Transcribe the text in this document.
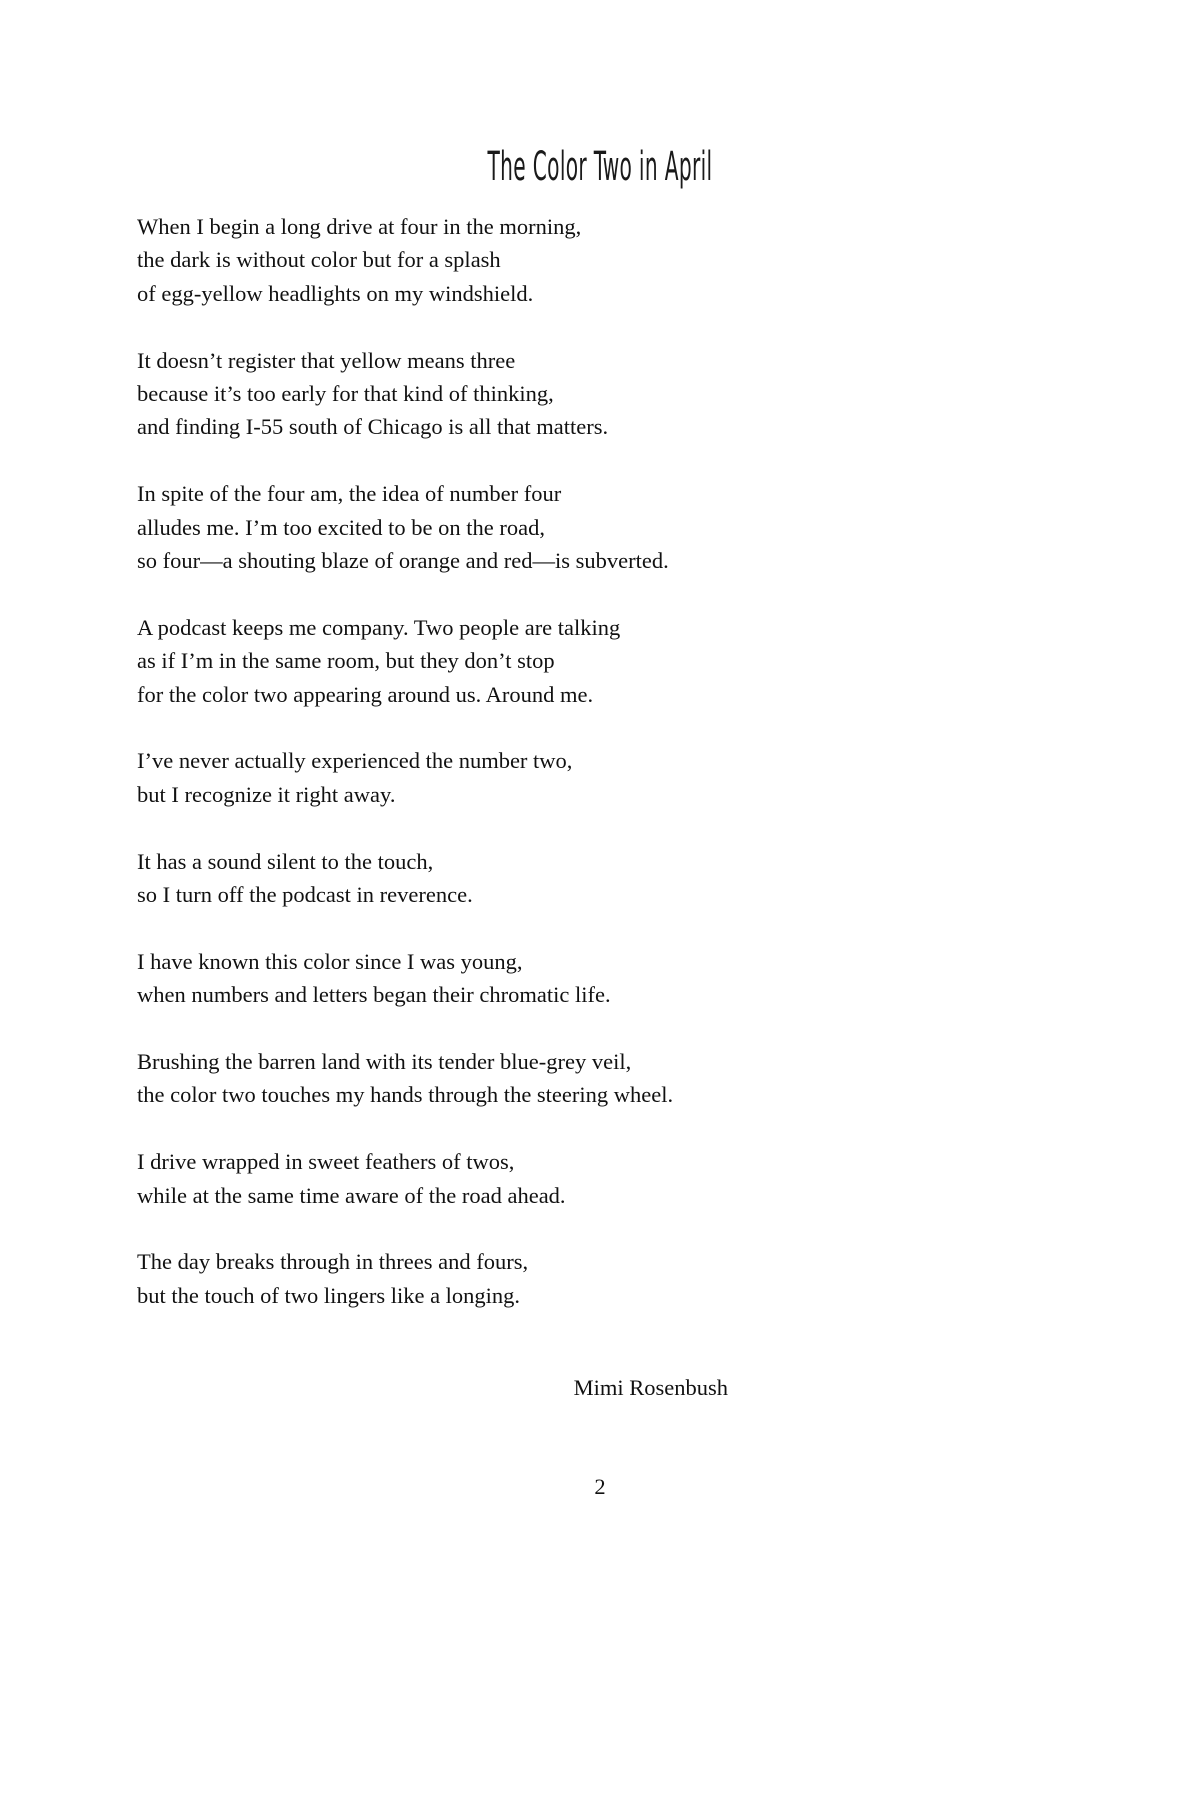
The Color Two in April

When I begin a long drive at four in the morning,
the dark is without color but for a splash
of egg-yellow headlights on my windshield.

It doesn’t register that yellow means three
because it’s too early for that kind of thinking,
and finding I-55 south of Chicago is all that matters.

In spite of the four am, the idea of number four
alludes me. I’m too excited to be on the road,
so four—a shouting blaze of orange and red—is subverted.

A podcast keeps me company. Two people are talking
as if I’m in the same room, but they don’t stop
for the color two appearing around us. Around me.

I’ve never actually experienced the number two,
but I recognize it right away.

It has a sound silent to the touch,
so I turn off the podcast in reverence.

I have known this color since I was young,
when numbers and letters began their chromatic life.

Brushing the barren land with its tender blue-grey veil,
the color two touches my hands through the steering wheel.

I drive wrapped in sweet feathers of twos,
while at the same time aware of the road ahead.

The day breaks through in threes and fours,
but the touch of two lingers like a longing.

Mimi Rosenbush
2
